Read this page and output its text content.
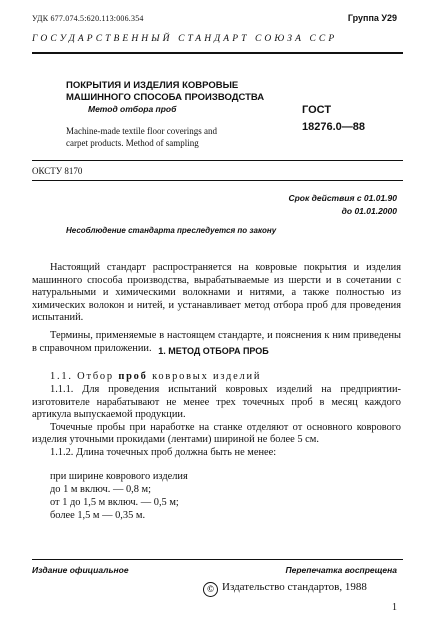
УДК 677.074.5:620.113:006.354	Группа У29
ГОСУДАРСТВЕННЫЙ СТАНДАРТ СОЮЗА ССР
ПОКРЫТИЯ И ИЗДЕЛИЯ КОВРОВЫЕ
МАШИННОГО СПОСОБА ПРОИЗВОДСТВА
Метод отбора проб
Machine-made textile floor coverings and
carpet products. Method of sampling
ГОСТ
18276.0—88
ОКСТУ 8170
Срок действия с 01.01.90
до 01.01.2000
Несоблюдение стандарта преследуется по закону

Настоящий стандарт распространяется на ковровые покрытия и изделия машинного способа производства, вырабатываемые из шерсти и в сочетании с натуральными и химическими волокнами и нитями, а также полностью из химических волокон и нитей, и устанавливает метод отбора проб для проведения испытаний.

Термины, применяемые в настоящем стандарте, и пояснения к ним приведены в справочном приложении. 1. МЕТОД ОТБОРА ПРОБ
1.1. Отбор проб ковровых изделий

1.1.1. Для проведения испытаний ковровых изделий на предприятии-изготовителе нарабатывают не менее трех точечных проб в месяц каждого артикула выпускаемой продукции.

Точечные пробы при наработке на станке отделяют от основного коврового изделия уточными прокидами (лентами) шириной не более 5 см.

1.1.2. Длина точечных проб должна быть не менее:

при ширине коврового изделия
до 1 м включ. — 0,8 м;
от 1 до 1,5 м включ. — 0,5 м;
более 1,5 м — 0,35 м.
Издание официальное	Перепечатка воспрещена
© Издательство стандартов, 1988
1
